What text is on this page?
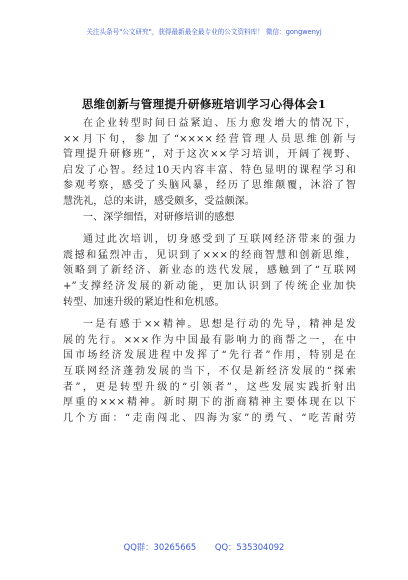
关注头条号"公文研究"，获得最新最全最专业的公文资料库！ 微信：gongwenyj
思维创新与管理提升研修班培训学习心得体会1
在企业转型时间日益紧迫、压力愈发增大的情况下，
××月下旬，参加了“××××经营管理人员思维创新与
管理提升研修班”，对于这次××学习培训，开阔了视野、
启发了心智。经过10天内容丰富、特色显明的课程学习和
参观考察，感受了头脑风暴，经历了思维颠覆，沐浴了智
慧洗礼，总的来讲，感受颇多，受益颇深。
一、深学细悟，对研修培训的感想
通过此次培训，切身感受到了互联网经济带来的强力
震撼和猛烈冲击，见识到了×××的经商智慧和创新思维，
领略到了新经济、新业态的迭代发展，感触到了“互联网
+”支撑经济发展的新动能，更加认识到了传统企业加快
转型、加速升级的紧迫性和危机感。
一是有感于××精神。思想是行动的先导，精神是发
展的先行。×××作为中国最有影响力的商帮之一，在中
国市场经济发展进程中发挥了“先行者”作用，特别是在
互联网经济蓬勃发展的当下，不仅是新经济发展的“探索
者”，更是转型升级的“引领者”，这些发展实践折射出
厚重的×××精神。新时期下的浙商精神主要体现在以下
几个方面：“走南闯北、四海为家”的勇气、“吃苦耐劳
QQ群：30265665 QQ：535304092
